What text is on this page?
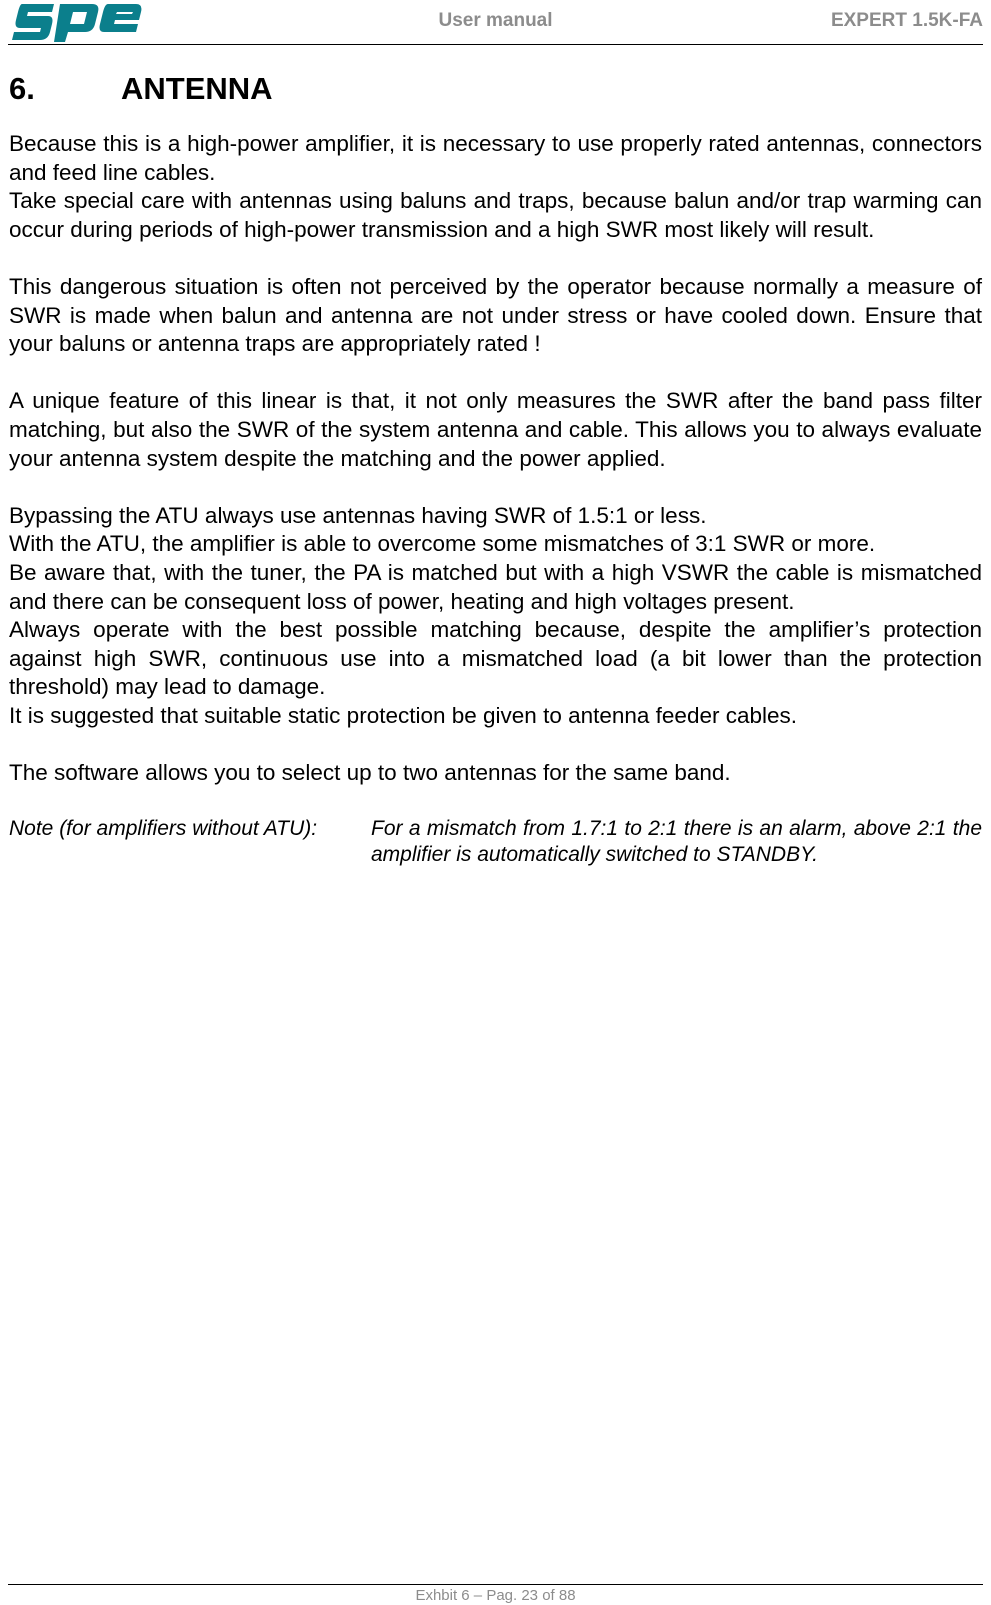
User manual	EXPERT 1.5K-FA
6.	ANTENNA

Because this is a high-power amplifier, it is necessary to use properly rated antennas, connectors and feed line cables.

Take special care with antennas using baluns and traps, because balun and/or trap warming can occur during periods of high-power transmission and a high SWR most likely will result.

This dangerous situation is often not perceived by the operator because normally a measure of SWR is made when balun and antenna are not under stress or have cooled down. Ensure that your baluns or antenna traps are appropriately rated !

A unique feature of this linear is that, it not only measures the SWR after the band pass filter matching, but also the SWR of the system antenna and cable. This allows you to always evaluate your antenna system despite the matching and the power applied.

Bypassing the ATU always use antennas having SWR of 1.5:1 or less.

With the ATU, the amplifier is able to overcome some mismatches of 3:1 SWR or more.

Be aware that, with the tuner, the PA is matched but with a high VSWR the cable is mismatched and there can be consequent loss of power, heating and high voltages present.

Always operate with the best possible matching because, despite the amplifier’s protection against high SWR, continuous use into a mismatched load (a bit lower than the protection threshold) may lead to damage.

It is suggested that suitable static protection be given to antenna feeder cables.

The software allows you to select up to two antennas for the same band.

Note (for amplifiers without ATU):	For a mismatch from 1.7:1 to 2:1 there is an alarm, above 2:1 the amplifier is automatically switched to STANDBY.
Exhbit 6 – Pag. 23 of 88
